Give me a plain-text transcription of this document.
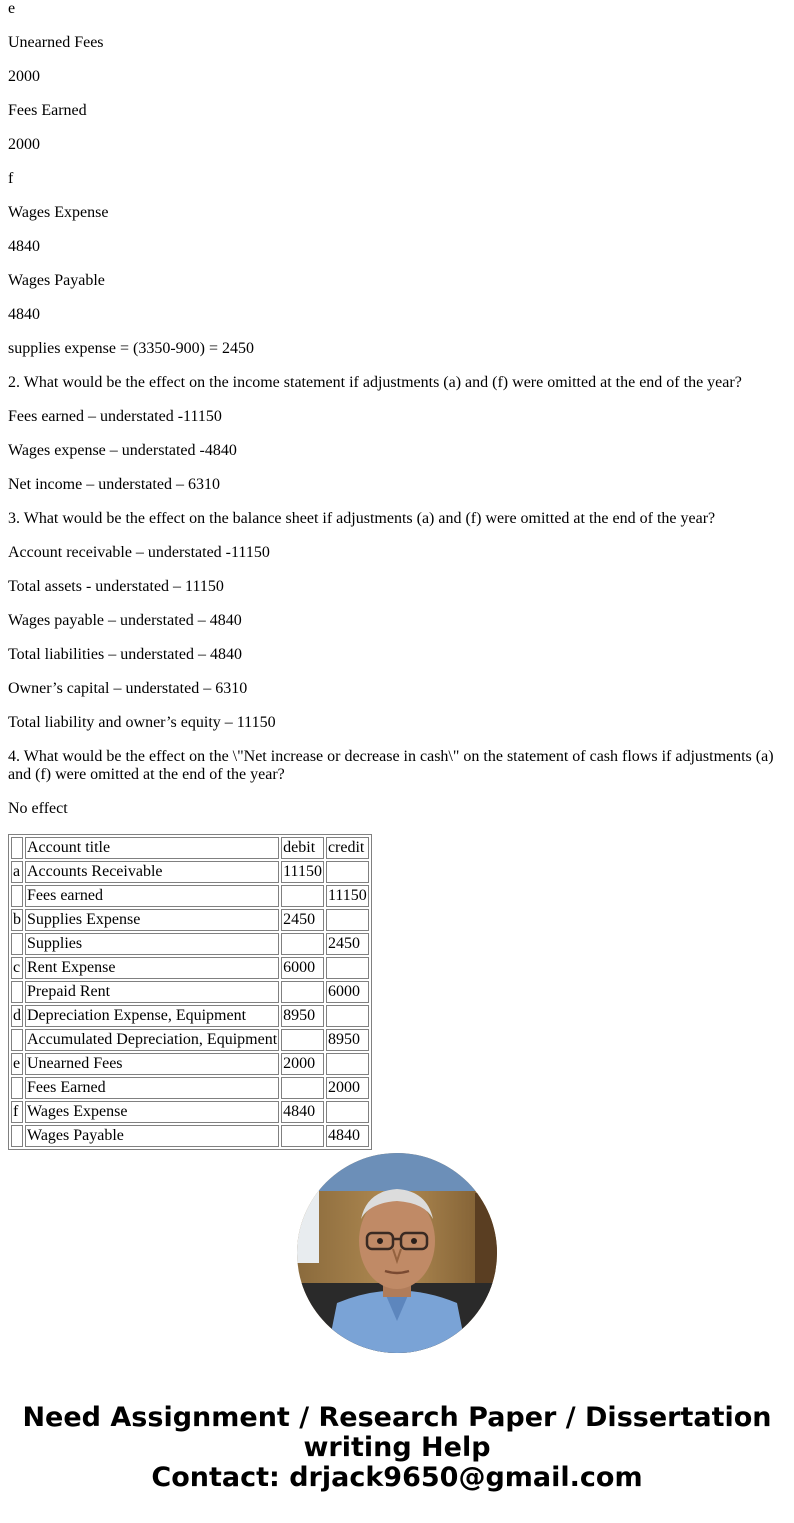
e

Unearned Fees

2000

Fees Earned

2000

f

Wages Expense

4840

Wages Payable

4840

supplies expense = (3350-900) = 2450

2. What would be the effect on the income statement if adjustments (a) and (f) were omitted at the end of the year?

Fees earned – understated -11150

Wages expense – understated -4840

Net income – understated – 6310

3. What would be the effect on the balance sheet if adjustments (a) and (f) were omitted at the end of the year?

Account receivable – understated -11150

Total assets - understated – 11150

Wages payable – understated – 4840

Total liabilities – understated – 4840

Owner’s capital – understated – 6310

Total liability and owner’s equity – 11150

4. What would be the effect on the \"Net increase or decrease in cash\" on the statement of cash flows if adjustments (a) and (f) were omitted at the end of the year?

No effect

	Account title	debit	credit
a	Accounts Receivable	11150	
	Fees earned		11150
b	Supplies Expense	2450	
	Supplies		2450
c	Rent Expense	6000	
	Prepaid Rent		6000
d	Depreciation Expense, Equipment	8950	
	Accumulated Depreciation, Equipment		8950
e	Unearned Fees	2000	
	Fees Earned		2000
f	Wages Expense	4840	
	Wages Payable		4840
Need Assignment / Research Paper / Dissertation
writing Help
Contact: drjack9650@gmail.com
